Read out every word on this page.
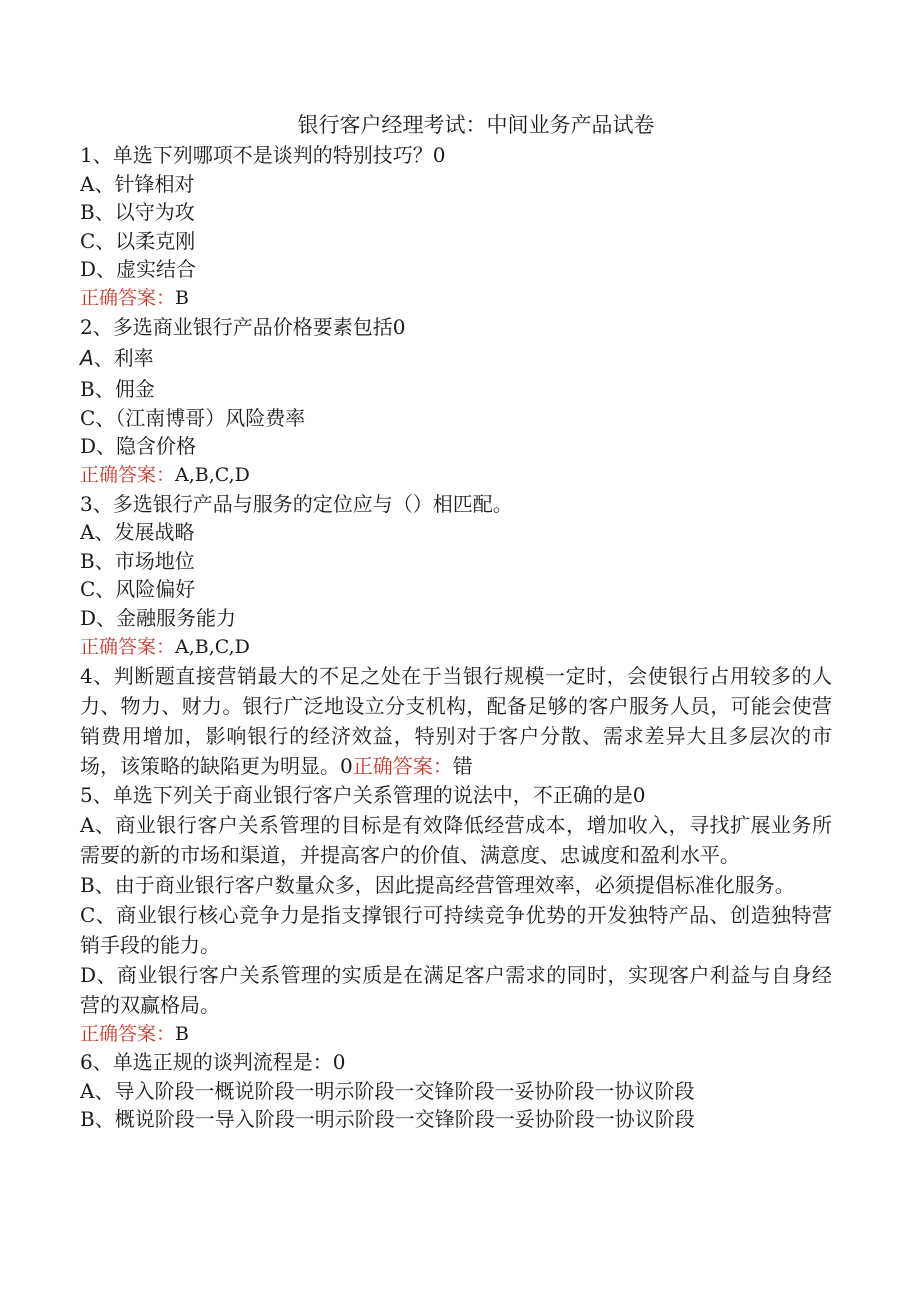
银行客户经理考试：中间业务产品试卷
1、单选下列哪项不是谈判的特别技巧？0
A、针锋相对
B、以守为攻
C、以柔克刚
D、虚实结合
正确答案：B
2、多选商业银行产品价格要素包括0
A、利率
B、佣金
C、（江南博哥）风险费率
D、隐含价格
正确答案：A,B,C,D
3、多选银行产品与服务的定位应与（）相匹配。
A、发展战略
B、市场地位
C、风险偏好
D、金融服务能力
正确答案：A,B,C,D
4、判断题直接营销最大的不足之处在于当银行规模一定时，会使银行占用较多的人力、物力、财力。银行广泛地设立分支机构，配备足够的客户服务人员，可能会使营销费用增加，影响银行的经济效益，特别对于客户分散、需求差异大且多层次的市场，该策略的缺陷更为明显。0正确答案：错
5、单选下列关于商业银行客户关系管理的说法中，不正确的是0
A、商业银行客户关系管理的目标是有效降低经营成本，增加收入，寻找扩展业务所需要的新的市场和渠道，并提高客户的价值、满意度、忠诚度和盈利水平。
B、由于商业银行客户数量众多，因此提高经营管理效率，必须提倡标准化服务。
C、商业银行核心竞争力是指支撑银行可持续竞争优势的开发独特产品、创造独特营销手段的能力。
D、商业银行客户关系管理的实质是在满足客户需求的同时，实现客户利益与自身经营的双赢格局。
正确答案：B
6、单选正规的谈判流程是：0
A、导入阶段一概说阶段一明示阶段一交锋阶段一妥协阶段一协议阶段
B、概说阶段一导入阶段一明示阶段一交锋阶段一妥协阶段一协议阶段
